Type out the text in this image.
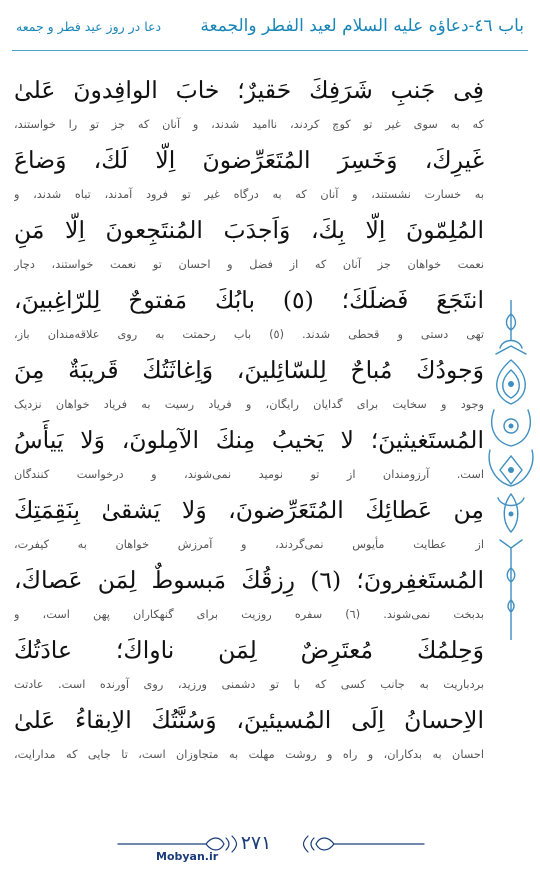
باب ٤٦-دعاؤه عليه السلام لعيد الفطر والجمعة
دعا در روز عید فطر و جمعه
فِى جَنبِ شَرَفِكَ حَقيرٌ؛ خابَ الوافِدونَ عَلىٰ
که به سوی غیر تو کوچ کردند، ناامید شدند، و آنان که جز تو را خواستند،
غَيرِكَ، وَخَسِرَ المُتَعَرِّضونَ اِلّا لَكَ، وَضاعَ
به خسارت نشستند، و آنان که به درگاه غیر تو فرود آمدند، تباه شدند، و
المُلِمّونَ اِلّا بِكَ، وَاَجدَبَ المُنتَجِعونَ اِلّا مَنِ
نعمت خواهان جز آنان که از فضل و احسان تو نعمت خواستند، دچار
انتَجَعَ فَضلَكَ؛ (٥) بابُكَ مَفتوحٌ لِلرّاغِبينَ،
تهی دستی و قحطی شدند. (٥) باب رحمتت به روی علاقه‌مندان باز،
وَجودُكَ مُباحٌ لِلسّائِلينَ، وَاِغاثَتُكَ قَريبَةٌ مِنَ
وجود و سخایت برای گدایان رایگان، و فریاد رسیت به فریاد خواهان نزدیک
المُستَغيثينَ؛ لا يَخيبُ مِنكَ الآمِلونَ، وَلا يَيأَسُ
است. آرزومندان از تو نومید نمی‌شوند، و درخواست کنندگان
مِن عَطائِكَ المُتَعَرِّضونَ، وَلا يَشقىٰ بِنَقِمَتِكَ
از عطایت مأیوس نمی‌گردند، و آمرزش خواهان به کیفرت،
المُستَغفِرونَ؛ (٦) رِزقُكَ مَبسوطٌ لِمَن عَصاكَ،
بدبخت نمی‌شوند. (٦) سفره روزیت برای گنهکاران پهن است، و
وَحِلمُكَ مُعتَرِضٌ لِمَن ناواكَ؛ عادَتُكَ
بردباریت به جانب کسی که با تو دشمنی ورزید، روی آورنده است. عادتت
الاِحسانُ اِلَى المُسيئينَ، وَسُنَّتُكَ الاِبقاءُ عَلىٰ
احسان به بدکاران، و راه و روشت مهلت به متجاوزان است، تا جایی که مدارایت،
٢٧١
Mobyan.ir
